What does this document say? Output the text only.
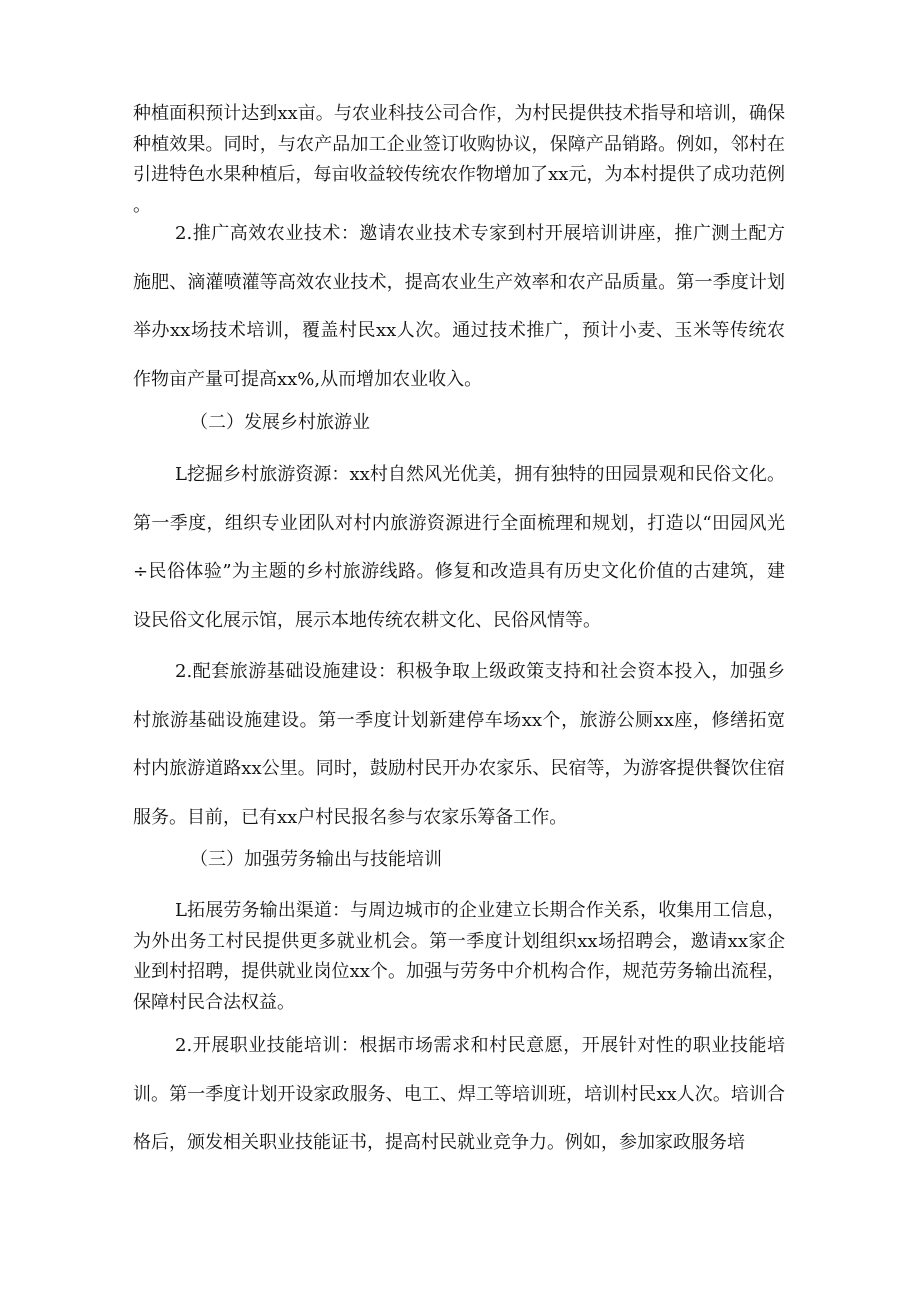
种植面积预计达到xx亩。与农业科技公司合作，为村民提供技术指导和培训，确保种植效果。同时，与农产品加工企业签订收购协议，保障产品销路。例如，邻村在引进特色水果种植后，每亩收益较传统农作物增加了xx元，为本村提供了成功范例。

2.推广高效农业技术：邀请农业技术专家到村开展培训讲座，推广测土配方施肥、滴灌喷灌等高效农业技术，提高农业生产效率和农产品质量。第一季度计划举办xx场技术培训，覆盖村民xx人次。通过技术推广，预计小麦、玉米等传统农作物亩产量可提高xx%,从而增加农业收入。

（二）发展乡村旅游业

L挖掘乡村旅游资源：xx村自然风光优美，拥有独特的田园景观和民俗文化。第一季度，组织专业团队对村内旅游资源进行全面梳理和规划，打造以“田园风光÷民俗体验”为主题的乡村旅游线路。修复和改造具有历史文化价值的古建筑，建设民俗文化展示馆，展示本地传统农耕文化、民俗风情等。

2.配套旅游基础设施建设：积极争取上级政策支持和社会资本投入，加强乡村旅游基础设施建设。第一季度计划新建停车场xx个，旅游公厕xx座，修缮拓宽村内旅游道路xx公里。同时，鼓励村民开办农家乐、民宿等，为游客提供餐饮住宿服务。目前，已有xx户村民报名参与农家乐筹备工作。

（三）加强劳务输出与技能培训

L拓展劳务输出渠道：与周边城市的企业建立长期合作关系，收集用工信息，为外出务工村民提供更多就业机会。第一季度计划组织xx场招聘会，邀请xx家企业到村招聘，提供就业岗位xx个。加强与劳务中介机构合作，规范劳务输出流程，保障村民合法权益。

2.开展职业技能培训：根据市场需求和村民意愿，开展针对性的职业技能培训。第一季度计划开设家政服务、电工、焊工等培训班，培训村民xx人次。培训合格后，颁发相关职业技能证书，提高村民就业竞争力。例如，参加家政服务培
